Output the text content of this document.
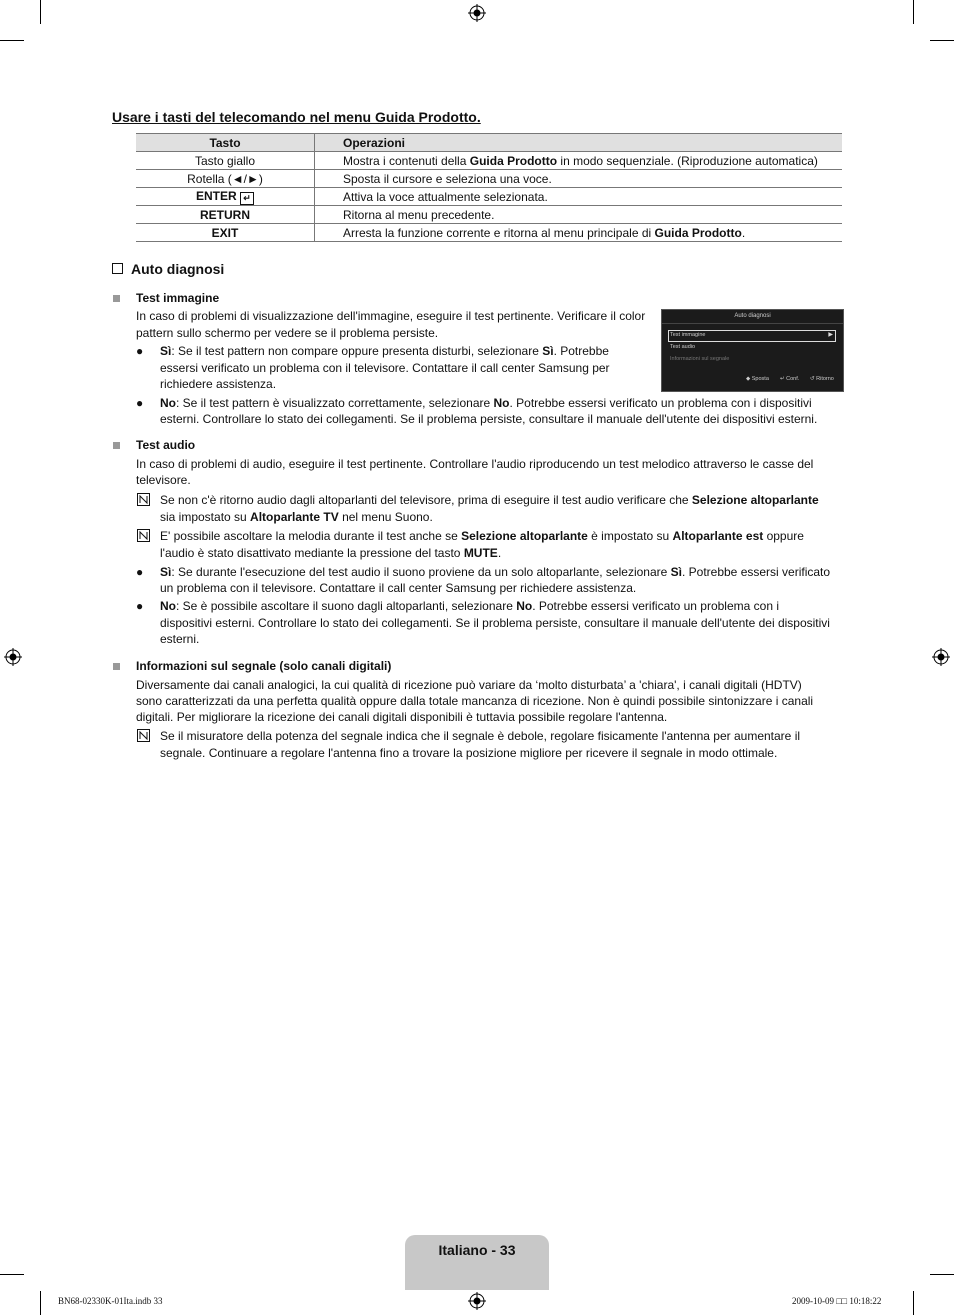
Usare i tasti del telecomando nel menu Guida Prodotto.
Tasto	Operazioni
Tasto giallo	Mostra i contenuti della Guida Prodotto in modo sequenziale. (Riproduzione automatica)
Rotella (◄/►)	Sposta il cursore e seleziona una voce.
ENTER ↵	Attiva la voce attualmente selezionata.
RETURN	Ritorna al menu precedente.
EXIT	Arresta la funzione corrente e ritorna al menu principale di Guida Prodotto.
Auto diagnosi
Test immagine
In caso di problemi di visualizzazione dell'immagine, eseguire il test pertinente. Verificare il color
pattern sullo schermo per vedere se il problema persiste.
● Sì: Se il test pattern non compare oppure presenta disturbi, selezionare Sì. Potrebbe
essersi verificato un problema con il televisore. Contattare il call center Samsung per
richiedere assistenza.
● No: Se il test pattern è visualizzato correttamente, selezionare No. Potrebbe essersi verificato un problema con i dispositivi
esterni. Controllare lo stato dei collegamenti. Se il problema persiste, consultare il manuale dell'utente dei dispositivi esterni.
Auto diagnosi
Test immagine	▶
Test audio
Informazioni sul segnale
◆ Sposta ↵ Conf. ↺ Ritorno
Test audio
In caso di problemi di audio, eseguire il test pertinente. Controllare l'audio riproducendo un test melodico attraverso le casse del
televisore.
Se non c'è ritorno audio dagli altoparlanti del televisore, prima di eseguire il test audio verificare che Selezione altoparlante
sia impostato su Altoparlante TV nel menu Suono.
E' possibile ascoltare la melodia durante il test anche se Selezione altoparlante è impostato su Altoparlante est oppure
l'audio è stato disattivato mediante la pressione del tasto MUTE.
● Sì: Se durante l'esecuzione del test audio il suono proviene da un solo altoparlante, selezionare Sì. Potrebbe essersi verificato
un problema con il televisore. Contattare il call center Samsung per richiedere assistenza.
● No: Se è possibile ascoltare il suono dagli altoparlanti, selezionare No. Potrebbe essersi verificato un problema con i
dispositivi esterni. Controllare lo stato dei collegamenti. Se il problema persiste, consultare il manuale dell'utente dei dispositivi
esterni.
Informazioni sul segnale (solo canali digitali)
Diversamente dai canali analogici, la cui qualità di ricezione può variare da ‘molto disturbata’ a 'chiara', i canali digitali (HDTV)
sono caratterizzati da una perfetta qualità oppure dalla totale mancanza di ricezione. Non è quindi possibile sintonizzare i canali
digitali. Per migliorare la ricezione dei canali digitali disponibili è tuttavia possibile regolare l'antenna.
Se il misuratore della potenza del segnale indica che il segnale è debole, regolare fisicamente l'antenna per aumentare il
segnale. Continuare a regolare l'antenna fino a trovare la posizione migliore per ricevere il segnale in modo ottimale.
Italiano - 33
BN68-02330K-01Ita.indb 33	2009-10-09 □□ 10:18:22
